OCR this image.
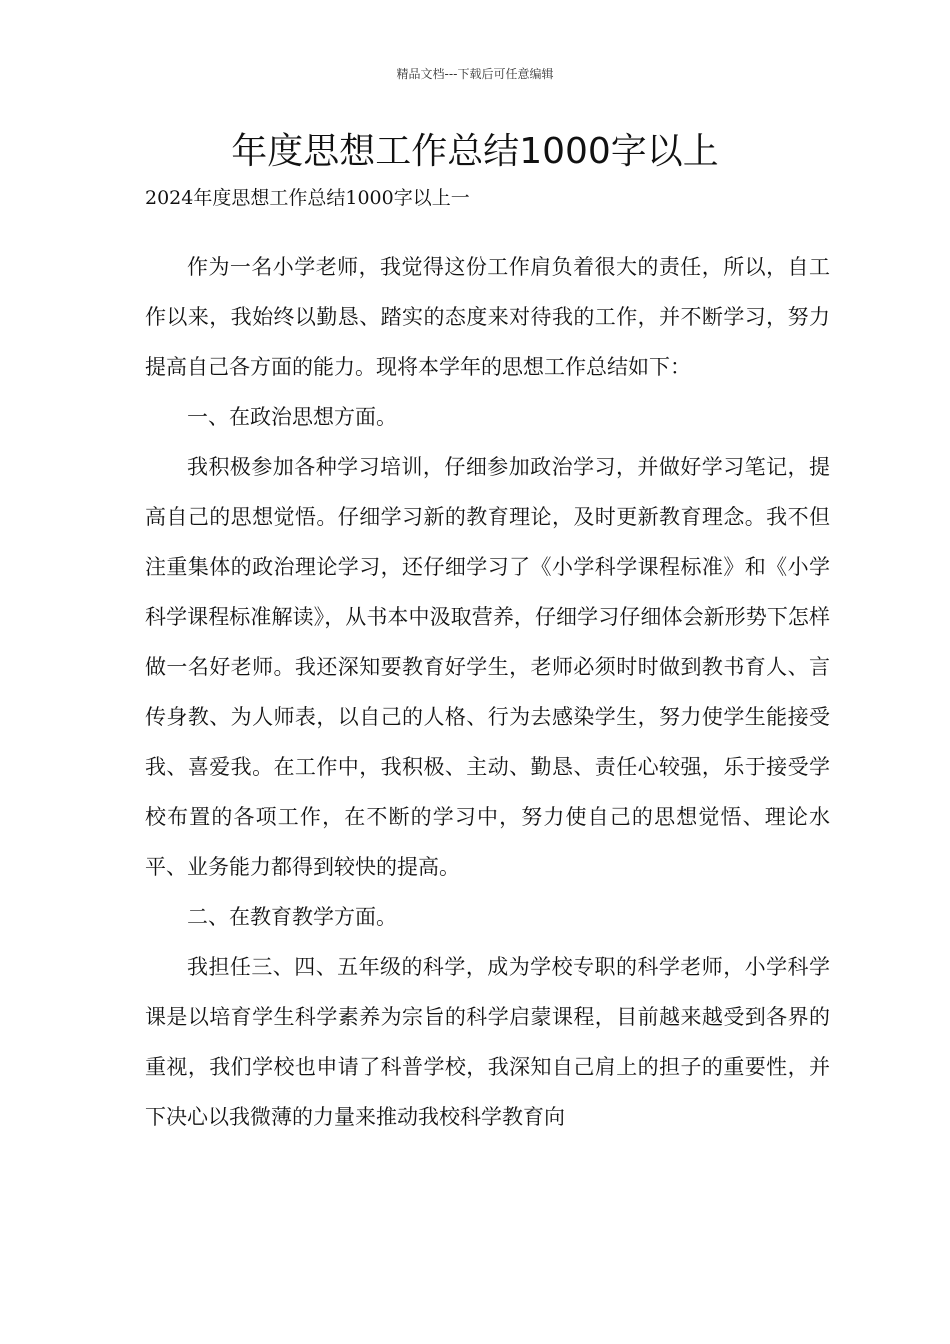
精品文档---下载后可任意编辑
年度思想工作总结1000字以上

2024年度思想工作总结1000字以上一

作为一名小学老师，我觉得这份工作肩负着很大的责任，所以，自工作以来，我始终以勤恳、踏实的态度来对待我的工作，并不断学习，努力提高自己各方面的能力。现将本学年的思想工作总结如下：

一、在政治思想方面。

我积极参加各种学习培训，仔细参加政治学习，并做好学习笔记，提高自己的思想觉悟。仔细学习新的教育理论，及时更新教育理念。我不但注重集体的政治理论学习，还仔细学习了《小学科学课程标准》和《小学科学课程标准解读》，从书本中汲取营养，仔细学习仔细体会新形势下怎样做一名好老师。我还深知要教育好学生，老师必须时时做到教书育人、言传身教、为人师表，以自己的人格、行为去感染学生，努力使学生能接受我、喜爱我。在工作中，我积极、主动、勤恳、责任心较强，乐于接受学校布置的各项工作，在不断的学习中，努力使自己的思想觉悟、理论水平、业务能力都得到较快的提高。

二、在教育教学方面。

我担任三、四、五年级的科学，成为学校专职的科学老师，小学科学课是以培育学生科学素养为宗旨的科学启蒙课程，目前越来越受到各界的重视，我们学校也申请了科普学校，我深知自己肩上的担子的重要性，并下决心以我微薄的力量来推动我校科学教育向
